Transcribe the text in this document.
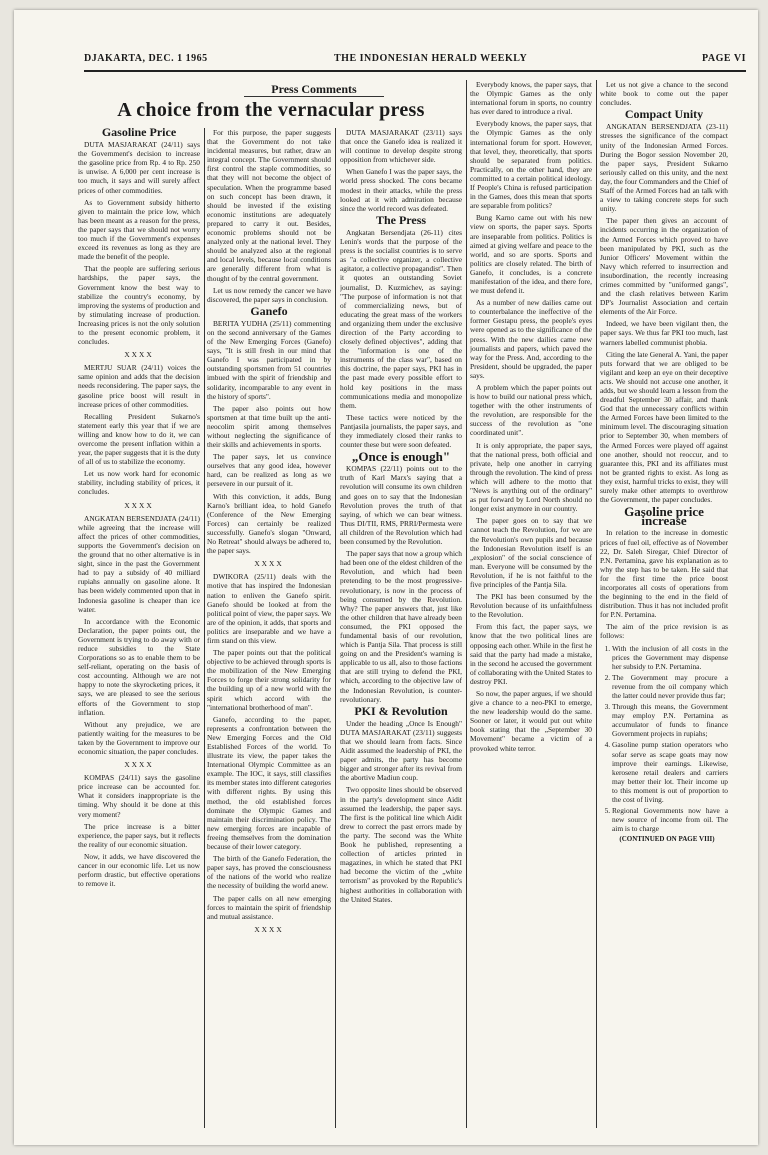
DJAKARTA, DEC. 1 1965	THE INDONESIAN HERALD WEEKLY	PAGE VI
Press Comments
A choice from the vernacular press

Gasoline Price

DUTA MASJARAKAT (24/11) says the Government's decision to increase the gasoline price from Rp. 4 to Rp. 250 is unwise. A 6,000 per cent increase is too much, it says and will surely affect prices of other commodities.

As to Government subsidy hitherto given to maintain the price low, which has been meant as a reason for the press, the paper says that we should not worry too much if the Government's expenses exceed its revenues as long as they are made the benefit of the people.

That the people are suffering serious hardships, the paper says, the Government know the best way to stabilize the country's economy, by improving the systems of production and by stimulating increase of production. Increasing prices is not the only solution to the present economic problem, it concludes.

XXXX

MERTJU SUAR (24/11) voices the same opinion and adds that the decision needs reconsidering. The paper says, the gasoline price boost will result in increase prices of other commodities.

Recalling President Sukarno's statement early this year that if we are willing and know how to do it, we can overcome the present inflation within a year, the paper suggests that it is the duty of all of us to stabilize the economy.

Let us now work hard for economic stability, including stability of prices, it concludes.

XXXX

ANGKATAN BERSENDJATA (24/11) while agreeing that the increase will affect the prices of other commodities, supports the Government's decision on the ground that no other alternative is in sight, since in the past the Government had to pay a subsidy of 40 milliard rupiahs annually on gasoline alone. It has been widely commented upon that in Indonesia gasoline is cheaper than ice water.

In accordance with the Economic Declaration, the paper points out, the Government is trying to do away with or reduce subsidies to the State Corporations so as to enable them to be self-reliant, operating on the basis of cost accounting. Although we are not happy to note the skyrocketing prices, it says, we are pleased to see the serious efforts of the Government to stop inflation.

Without any prejudice, we are patiently waiting for the measures to be taken by the Government to improve our economic situation, the paper concludes.

XXXX

KOMPAS (24/11) says the gasoline price increase can be accounted for. What it considers inappropriate is the timing. Why should it be done at this very moment?

The price increase is a bitter experience, the paper says, but it reflects the reality of our economic situation.

Now, it adds, we have discovered the cancer in our economic life. Let us now perform drastic, but effective operations to remove it.

For this purpose, the paper suggests that the Government do not take incidental measures, but rather, draw an integral concept. The Government should first control the staple commodities, so that they will not become the object of speculation. When the programme based on such concept has been drawn, it should be invested if the existing economic institutions are adequately prepared to carry it out. Besides, economic problems should not be analyzed only at the national level. They should be analyzed also at the regional and local levels, because local conditions are generally different from what is thought of by the central government.

Let us now remedy the cancer we have discovered, the paper says in conclusion.

Ganefo

BERITA YUDHA (25/11) commenting on the second anniversary of the Games of the New Emerging Forces (Ganefo) says, "It is still fresh in our mind that Ganefo I was participated in by outstanding sportsmen from 51 countries imbued with the spirit of friendship and solidarity, incomparable to any event in the history of sports".

The paper also points out how sportsmen at that time built up the anti-neocolim spirit among themselves without neglecting the significance of their skills and achievements in sports.

The paper says, let us convince ourselves that any good idea, however hard, can be realized as long as we persevere in our pursuit of it.

With this conviction, it adds, Bung Karno's brilliant idea, to hold Ganefo (Conference of the New Emerging Forces) can certainly be realized successfully. Ganefo's slogan "Onward, No Retreat" should always be adhered to, the paper says.

XXXX

DWIKORA (25/11) deals with the motive that has inspired the Indonesian nation to enliven the Ganefo spirit. Ganefo should be looked at from the political point of view, the paper says. We are of the opinion, it adds, that sports and politics are inseparable and we have a firm stand on this view.

The paper points out that the political objective to be achieved through sports is the mobilization of the New Emerging Forces to forge their strong solidarity for the building up of a new world with the spirit which accord with the "international brotherhood of man".

Ganefo, according to the paper, represents a confrontation between the New Emerging Forces and the Old Established Forces of the world. To illustrate its view, the paper takes the International Olympic Committee as an example. The IOC, it says, still classifies its member states into different categories with different rights. By using this method, the old established forces dominate the Olympic Games and maintain their discrimination policy. The new emerging forces are incapable of freeing themselves from the domination because of their lower category.

The birth of the Ganefo Federation, the paper says, has proved the consciousness of the nations of the world who realize the necessity of building the world anew.

The paper calls on all new emerging forces to maintain the spirit of friendship and mutual assistance.

XXXX

DUTA MASJARAKAT (23/11) says that once the Ganefo idea is realized it will continue to develop despite strong opposition from whichever side.

When Ganefo I was the paper says, the world press shocked. The cons became modest in their attacks, while the press looked at it with admiration because since the world record was defeated.

The Press

Angkatan Bersendjata (26-11) cites Lenin's words that the purpose of the press is the socialist countries is to serve as "a collective organizer, a collective agitator, a collective propagandist". Then it quotes an outstanding Soviet journalist, D. Kuzmichev, as saying: "The purpose of information is not that of commercializing news, but of educating the great mass of the workers and organizing them under the exclusive direction of the Party according to closely defined objectives", adding that the "information is one of the instruments of the class war", based on this doctrine, the paper says, PKI has in the past made every possible effort to hold key positions in the mass communications media and monopolize them.

These tactics were noticed by the Pantjasila journalists, the paper says, and they immediately closed their ranks to counter these but were soon defeated.

„Once is enough"

KOMPAS (22/11) points out to the truth of Karl Marx's saying that a revolution will consume its own children and goes on to say that the Indonesian Revolution proves the truth of that saying, of which we can bear witness. Thus DI/TII, RMS, PRRI/Permesta were all children of the Revolution which had been consumed by the Revolution.

The paper says that now a group which had been one of the eldest children of the Revolution, and which had been pretending to be the most progressive-revolutionary, is now in the process of being consumed by the Revolution. Why? The paper answers that, just like the other children that have already been consumed, the PKI opposed the fundamental basis of our revolution, which is Pantja Sila. That process is still going on and the President's warning is applicable to us all, also to those factions that are still trying to defend the PKI, which, according to the objective law of the Indonesian Revolution, is counter-revolutionary.

PKI & Revolution

Under the heading „Once Is Enough" DUTA MASJARAKAT (23/11) suggests that we should learn from facts. Since Aidit assumed the leadership of PKI, the paper admits, the party has become bigger and stronger after its revival from the abortive Madiun coup.

Two opposite lines should be observed in the party's development since Aidit assumed the leadership, the paper says. The first is the political line which Aidit drew to correct the past errors made by the party. The second was the White Book he published, representing a collection of articles printed in magazines, in which he stated that PKI had become the victim of the „white terrorism" as provoked by the Republic's highest authorities in collaboration with the United States.

Everybody knows, the paper says, that the Olympic Games as the only international forum in sports, no country has ever dared to introduce a rival.

Everybody knows, the paper says, that the Olympic Games as the only international forum for sport. However, that level, they, theoretically, that sports should be separated from politics. Practically, on the other hand, they are committed to a certain political ideology. If People's China is refused participation in the Games, does this mean that sports are separable from politics?

Bung Karno came out with his new view on sports, the paper says. Sports are inseparable from politics. Politics is aimed at giving welfare and peace to the world, and so are sports. Sports and politics are closely related. The birth of Ganefo, it concludes, is a concrete manifestation of the idea, and there fore, we must defend it.

As a number of new dailies came out to counterbalance the ineffective of the former Gestapu press, the people's eyes were opened as to the significance of the press. With the new dailies came new journalists and papers, which paved the way for the Press. And, according to the President, should be upgraded, the paper says.

A problem which the paper points out is how to build our national press which, together with the other instruments of the revolution, are responsible for the success of the revolution as "one coordinated unit".

It is only appropriate, the paper says, that the national press, both official and private, help one another in carrying through the revolution. The kind of press which will adhere to the motto that "News is anything out of the ordinary" as put forward by Lord North should no longer exist anymore in our country.

The paper goes on to say that we cannot teach the Revolution, for we are the Revolution's own pupils and because the Indonesian Revolution itself is an „explosion" of the social conscience of man. Everyone will be consumed by the Revolution, if he is not faithful to the five principles of the Pantja Sila.

The PKI has been consumed by the Revolution because of its unfaithfulness to the Revolution.

From this fact, the paper says, we know that the two political lines are opposing each other. While in the first he said that the party had made a mistake, in the second he accused the government of collaborating with the United States to destroy PKI.

So now, the paper argues, if we should give a chance to a neo-PKI to emerge, the new leadership would do the same. Sooner or later, it would put out white book stating that the „September 30 Movement" became a victim of a provoked white terror.

Let us not give a chance to the second white book to come out the paper concludes.

Compact Unity

ANGKATAN BERSENDJATA (23-11) stresses the significance of the compact unity of the Indonesian Armed Forces. During the Bogor session November 20, the paper says, President Sukarno seriously called on this unity, and the next day, the four Commanders and the Chief of Staff of the Armed Forces had an talk with a view to taking concrete steps for such unity.

The paper then gives an account of incidents occurring in the organization of the Armed Forces which proved to have been manipulated by PKI, such as the Junior Officers' Movement within the Navy which referred to insurrection and insubordination, the recently increasing crimes committed by "uniformed gangs", and the clash relatives between Karim DP's Journalist Association and certain elements of the Air Force.

Indeed, we have been vigilant then, the paper says. We thus far PKI too much, last warners labelled communist phobia.

Citing the late General A. Yani, the paper puts forward that we are obliged to be vigilant and keep an eye on their deceptive acts. We should not accuse one another, it adds, but we should learn a lesson from the dreadful September 30 affair, and thank God that the unnecessary conflicts within the Armed Forces have been limited to the minimum level. The discouraging situation prior to September 30, when members of the Armed Forces were played off against one another, should not reoccur, and to guarantee this, PKI and its affiliates must not be granted rights to exist. As long as they exist, harmful tricks to exist, they will surely make other attempts to overthrow the Government, the paper concludes.

Gasoline price increase

In relation to the increase in domestic prices of fuel oil, effective as of November 22, Dr. Saleh Siregar, Chief Director of P.N. Pertamina, gave his explanation as to why the step has to be taken. He said that for the first time the price boost incorporates all costs of operations from the beginning to the end in the field of distribution. Thus it has not included profit for P.N. Pertamina.

The aim of the price revision is as follows:

1. With the inclusion of all costs in the prices the Government may dispense her subsidy to P.N. Pertamina.
2. The Government may procure a revenue from the oil company which the latter could never provide thus far;
3. Through this means, the Government may employ P.N. Pertamina as accumulator of funds to finance Government projects in rupiahs;
4. Gasoline pump station operators who sofar serve as scape goats may now improve their earnings. Likewise, kerosene retail dealers and carriers may better their lot. Their income up to this moment is out of proportion to the cost of living.
5. Regional Governments now have a new source of income from oil. The aim is to charge

(CONTINUED ON PAGE VIII)
